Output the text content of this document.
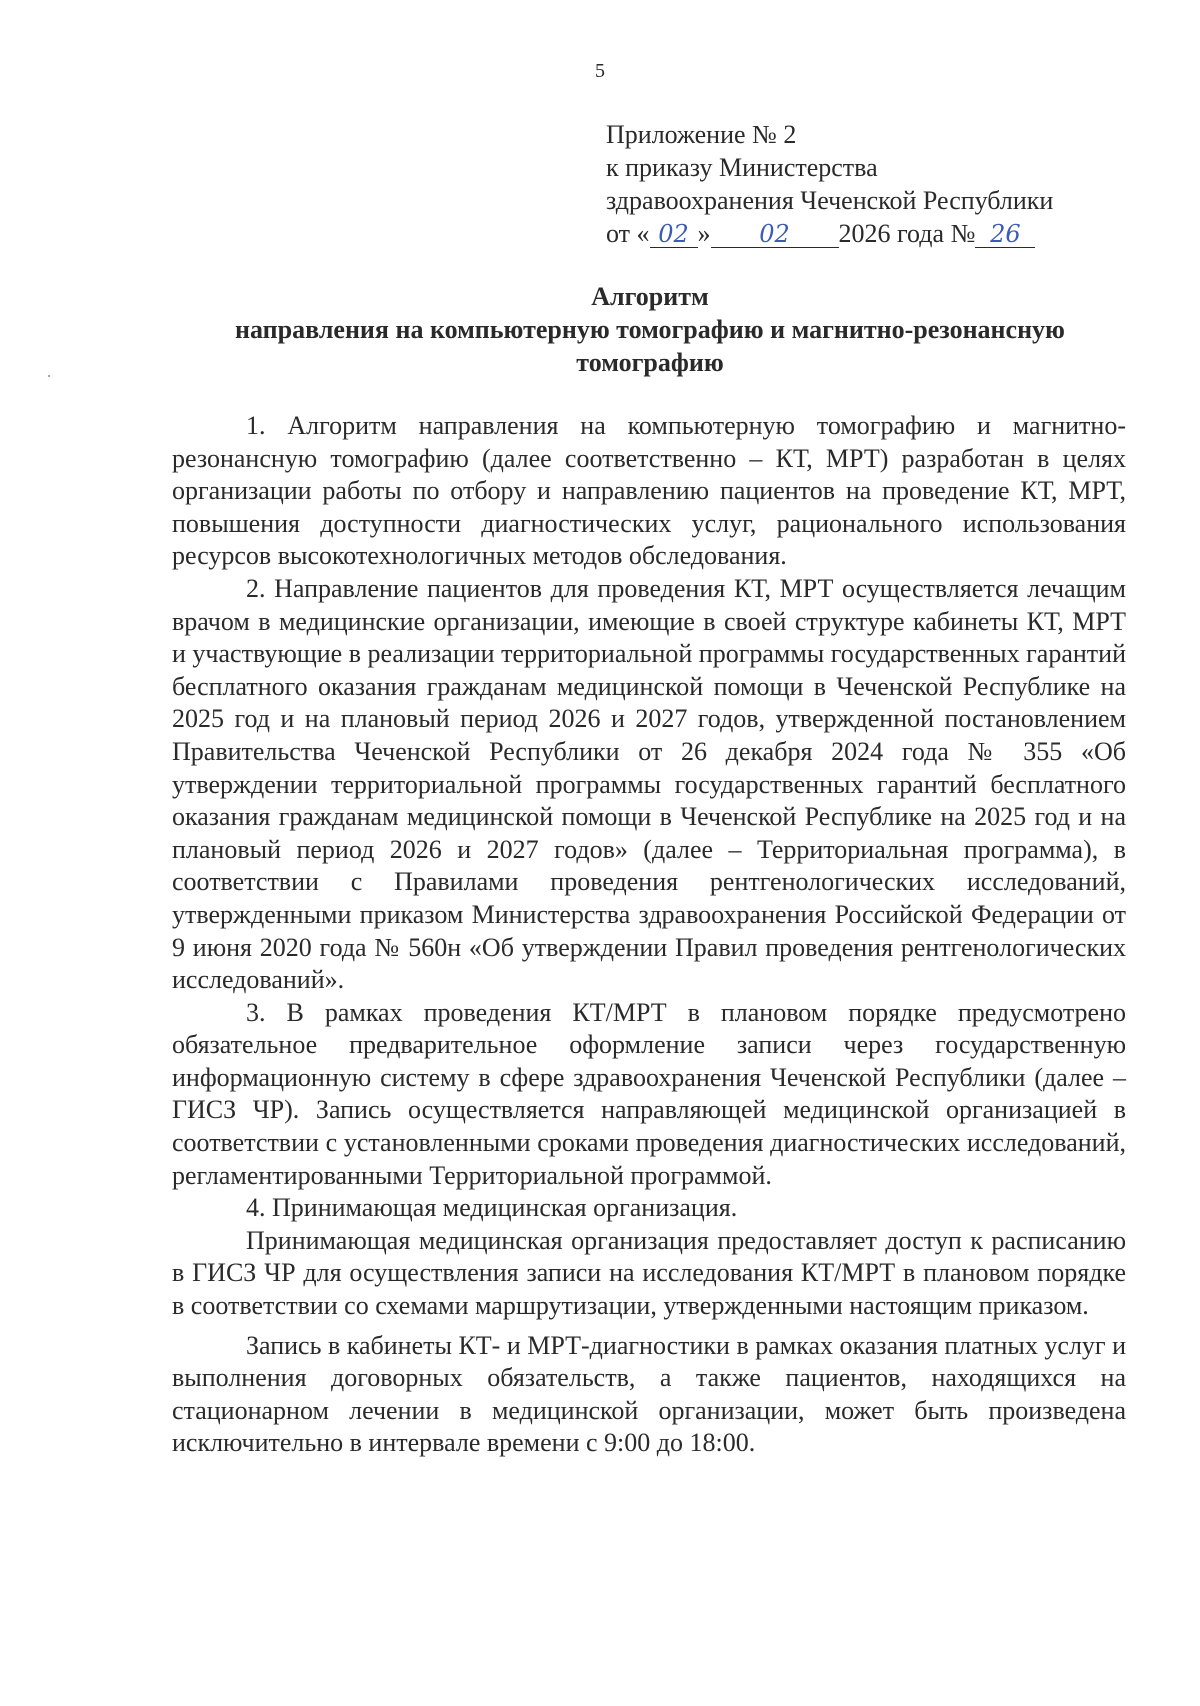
5
Приложение № 2
к приказу Министерства
здравоохранения Чеченской Республики
от « 02 » 02 2026 года № 26
Алгоритм
направления на компьютерную томографию и магнитно-резонансную
томографию

1. Алгоритм направления на компьютерную томографию и магнитно-резонансную томографию (далее соответственно – КТ, МРТ) разработан в целях организации работы по отбору и направлению пациентов на проведение КТ, МРТ, повышения доступности диагностических услуг, рационального использования ресурсов высокотехнологичных методов обследования.

2. Направление пациентов для проведения КТ, МРТ осуществляется лечащим врачом в медицинские организации, имеющие в своей структуре кабинеты КТ, МРТ и участвующие в реализации территориальной программы государственных гарантий бесплатного оказания гражданам медицинской помощи в Чеченской Республике на 2025 год и на плановый период 2026 и 2027 годов, утвержденной постановлением Правительства Чеченской Республики от 26 декабря 2024 года № 355 «Об утверждении территориальной программы государственных гарантий бесплатного оказания гражданам медицинской помощи в Чеченской Республике на 2025 год и на плановый период 2026 и 2027 годов» (далее – Территориальная программа), в соответствии с Правилами проведения рентгенологических исследований, утвержденными приказом Министерства здравоохранения Российской Федерации от 9 июня 2020 года № 560н «Об утверждении Правил проведения рентгенологических исследований».

3. В рамках проведения КТ/МРТ в плановом порядке предусмотрено обязательное предварительное оформление записи через государственную информационную систему в сфере здравоохранения Чеченской Республики (далее – ГИСЗ ЧР). Запись осуществляется направляющей медицинской организацией в соответствии с установленными сроками проведения диагностических исследований, регламентированными Территориальной программой.

4. Принимающая медицинская организация.

Принимающая медицинская организация предоставляет доступ к расписанию в ГИСЗ ЧР для осуществления записи на исследования КТ/МРТ в плановом порядке в соответствии со схемами маршрутизации, утвержденными настоящим приказом.

Запись в кабинеты КТ- и МРТ-диагностики в рамках оказания платных услуг и выполнения договорных обязательств, а также пациентов, находящихся на стационарном лечении в медицинской организации, может быть произведена исключительно в интервале времени с 9:00 до 18:00.
